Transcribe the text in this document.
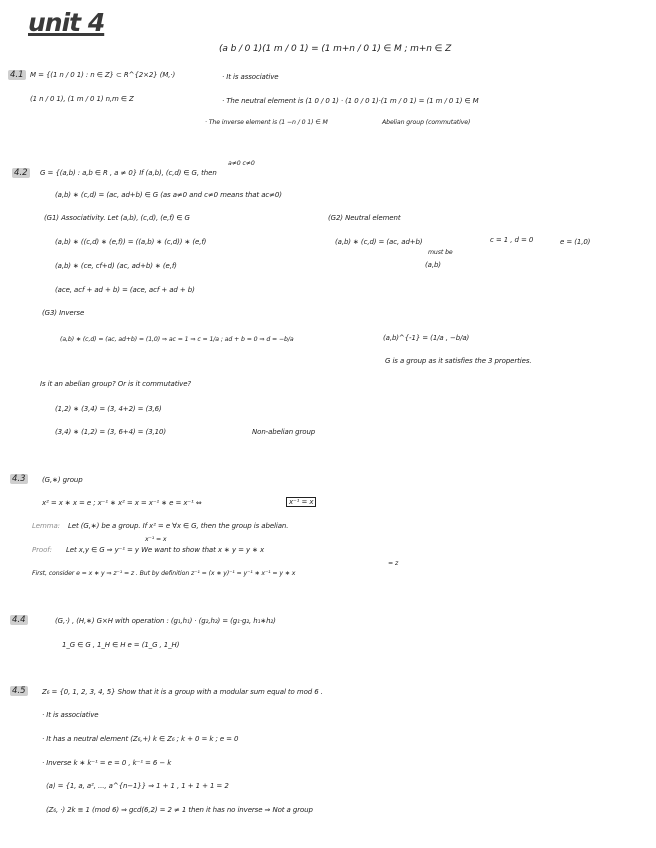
unit 4
(a b / 0 1)(1 m / 0 1) = (1 m+n / 0 1) ∈ M ; m+n ∈ Z
4.1 M = {(1 n / 0 1) : n ∈ Z} ⊂ R^{2×2} (M,·)
(1 n / 0 1), (1 m / 0 1) n,m ∈ Z
· It is associative
· The neutral element is (1 0 / 0 1) · (1 0 / 0 1)·(1 m / 0 1) = (1 m / 0 1) ∈ M
· The inverse element is (1 −n / 0 1) ∈ M	Abelian group (commutative)
4.2
a≠0 c≠0
G = {(a,b) : a,b ∈ R , a ≠ 0} If (a,b), (c,d) ∈ G, then
(a,b) ∗ (c,d) = (ac, ad+b) ∈ G (as a≠0 and c≠0 means that ac≠0)
(G1) Associativity. Let (a,b), (c,d), (e,f) ∈ G	(G2) Neutral element
(a,b) ∗ ((c,d) ∗ (e,f)) = ((a,b) ∗ (c,d)) ∗ (e,f)	(a,b) ∗ (c,d) = (ac, ad+b)
must be
c = 1 , d = 0	e = (1,0)
(a,b) ∗ (ce, cf+d) (ac, ad+b) ∗ (e,f)	(a,b)
(ace, acf + ad + b) = (ace, acf + ad + b)
(G3) Inverse
(a,b) ∗ (c,d) = (ac, ad+b) = (1,0) ⇒ ac = 1 ⇒ c = 1/a ; ad + b = 0 ⇒ d = −b/a	(a,b)^{-1} = (1/a , −b/a)
G is a group as it satisfies the 3 properties.
Is it an abelian group? Or is it commutative?
(1,2) ∗ (3,4) = (3, 4+2) = (3,6)
(3,4) ∗ (1,2) = (3, 6+4) = (3,10)	Non-abelian group
4.3 (G,∗) group
x² = x ∗ x = e ; x⁻¹ ∗ x² = x = x⁻¹ ∗ e = x⁻¹ ⇔	x⁻¹ = x
Lemma: Let (G,∗) be a group. If x² = e ∀x ∈ G, then the group is abelian.
x⁻¹ = x
Proof: Let x,y ∈ G ⇒ y⁻¹ = y We want to show that x ∗ y = y ∗ x
= z
First, consider e = x ∗ y ⇒ z⁻¹ = z . But by definition z⁻¹ = (x ∗ y)⁻¹ = y⁻¹ ∗ x⁻¹ = y ∗ x
4.4	(G,·) , (H,∗) G×H with operation : (g₁,h₁) · (g₂,h₂) = (g₁·g₂, h₁∗h₂)
1_G ∈ G , 1_H ∈ H e = (1_G , 1_H)
4.5 Z₆ = {0, 1, 2, 3, 4, 5} Show that it is a group with a modular sum equal to mod 6 .
· It is associative
· It has a neutral element (Z₆,+) k ∈ Z₆ ; k + 0 = k ; e = 0
· Inverse k ∗ k⁻¹ = e = 0 , k⁻¹ = 6 − k
⟨a⟩ = {1, a, a², ..., a^{n−1}} ⇒ 1 + 1 , 1 + 1 + 1 = 2
(Z₆, ·) 2k ≡ 1 (mod 6) ⇒ gcd(6,2) = 2 ≠ 1 then it has no inverse ⇒ Not a group
